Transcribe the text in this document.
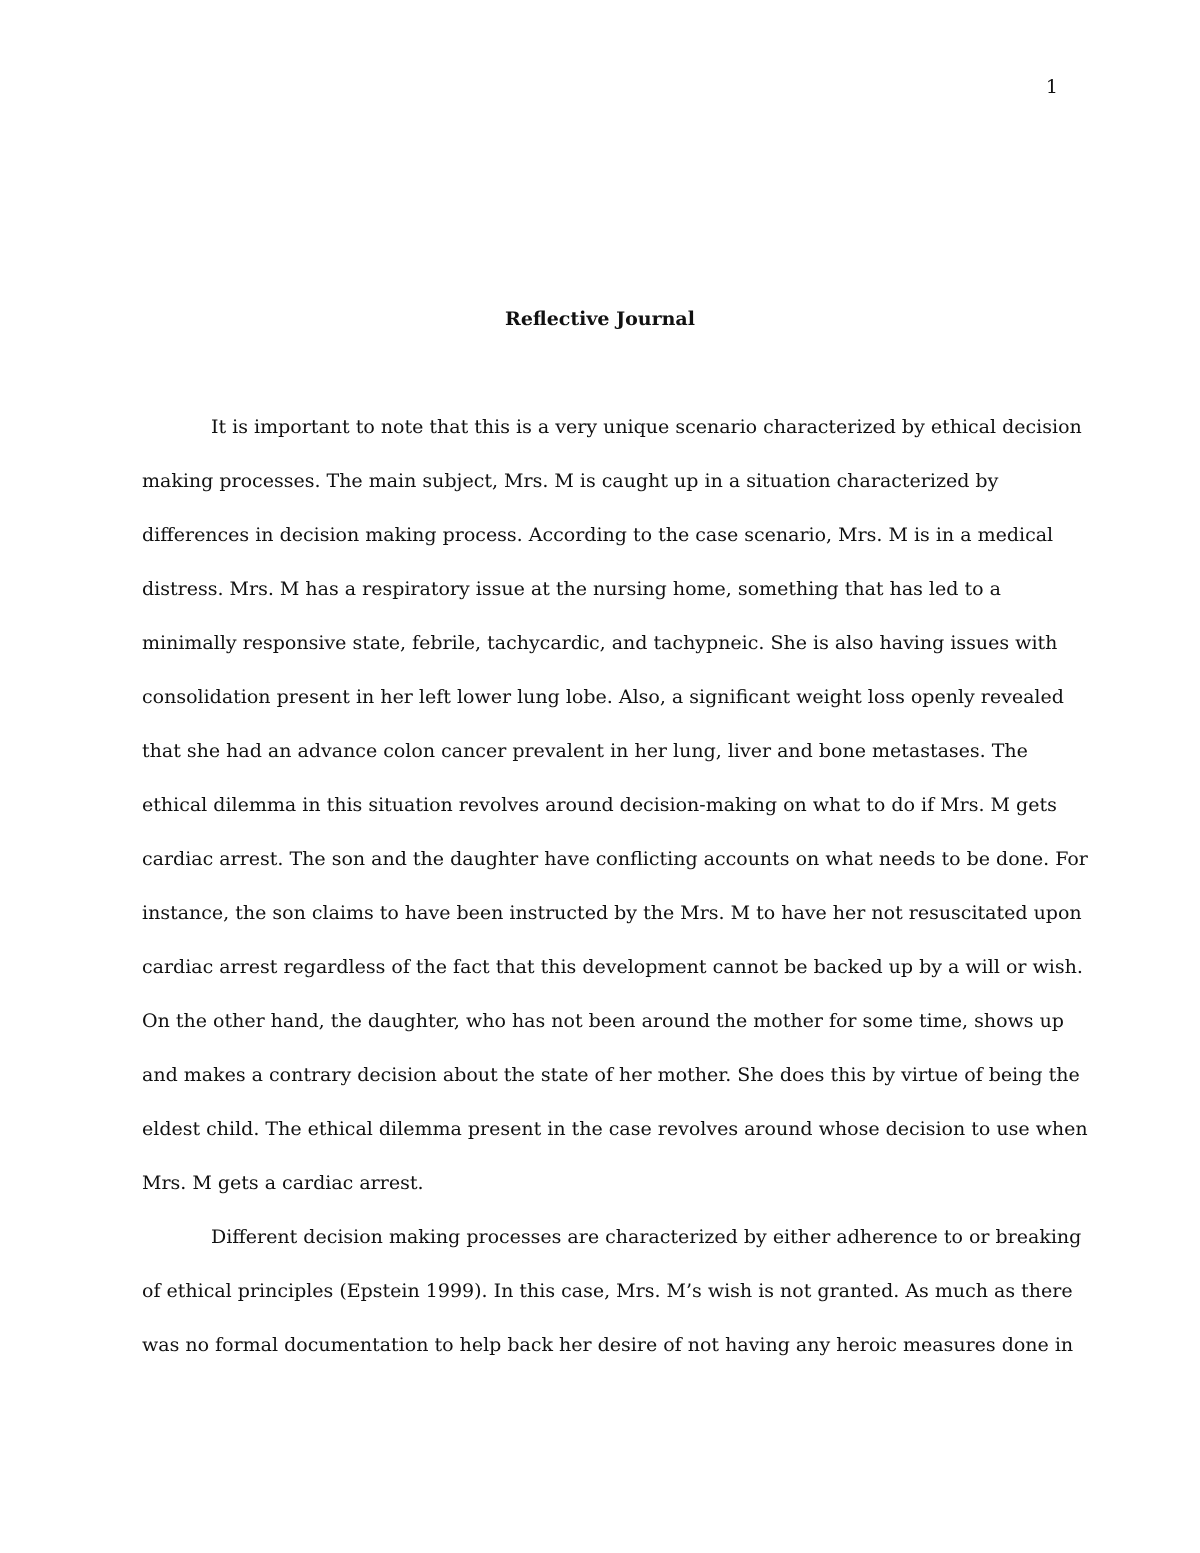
1
Reflective Journal
It is important to note that this is a very unique scenario characterized by ethical decision
making processes. The main subject, Mrs. M is caught up in a situation characterized by
differences in decision making process. According to the case scenario, Mrs. M is in a medical
distress. Mrs. M has a respiratory issue at the nursing home, something that has led to a
minimally responsive state, febrile, tachycardic, and tachypneic. She is also having issues with
consolidation present in her left lower lung lobe. Also, a significant weight loss openly revealed
that she had an advance colon cancer prevalent in her lung, liver and bone metastases. The
ethical dilemma in this situation revolves around decision-making on what to do if Mrs. M gets
cardiac arrest. The son and the daughter have conflicting accounts on what needs to be done. For
instance, the son claims to have been instructed by the Mrs. M to have her not resuscitated upon
cardiac arrest regardless of the fact that this development cannot be backed up by a will or wish.
On the other hand, the daughter, who has not been around the mother for some time, shows up
and makes a contrary decision about the state of her mother. She does this by virtue of being the
eldest child. The ethical dilemma present in the case revolves around whose decision to use when
Mrs. M gets a cardiac arrest.
Different decision making processes are characterized by either adherence to or breaking
of ethical principles (Epstein 1999). In this case, Mrs. M’s wish is not granted. As much as there
was no formal documentation to help back her desire of not having any heroic measures done in
